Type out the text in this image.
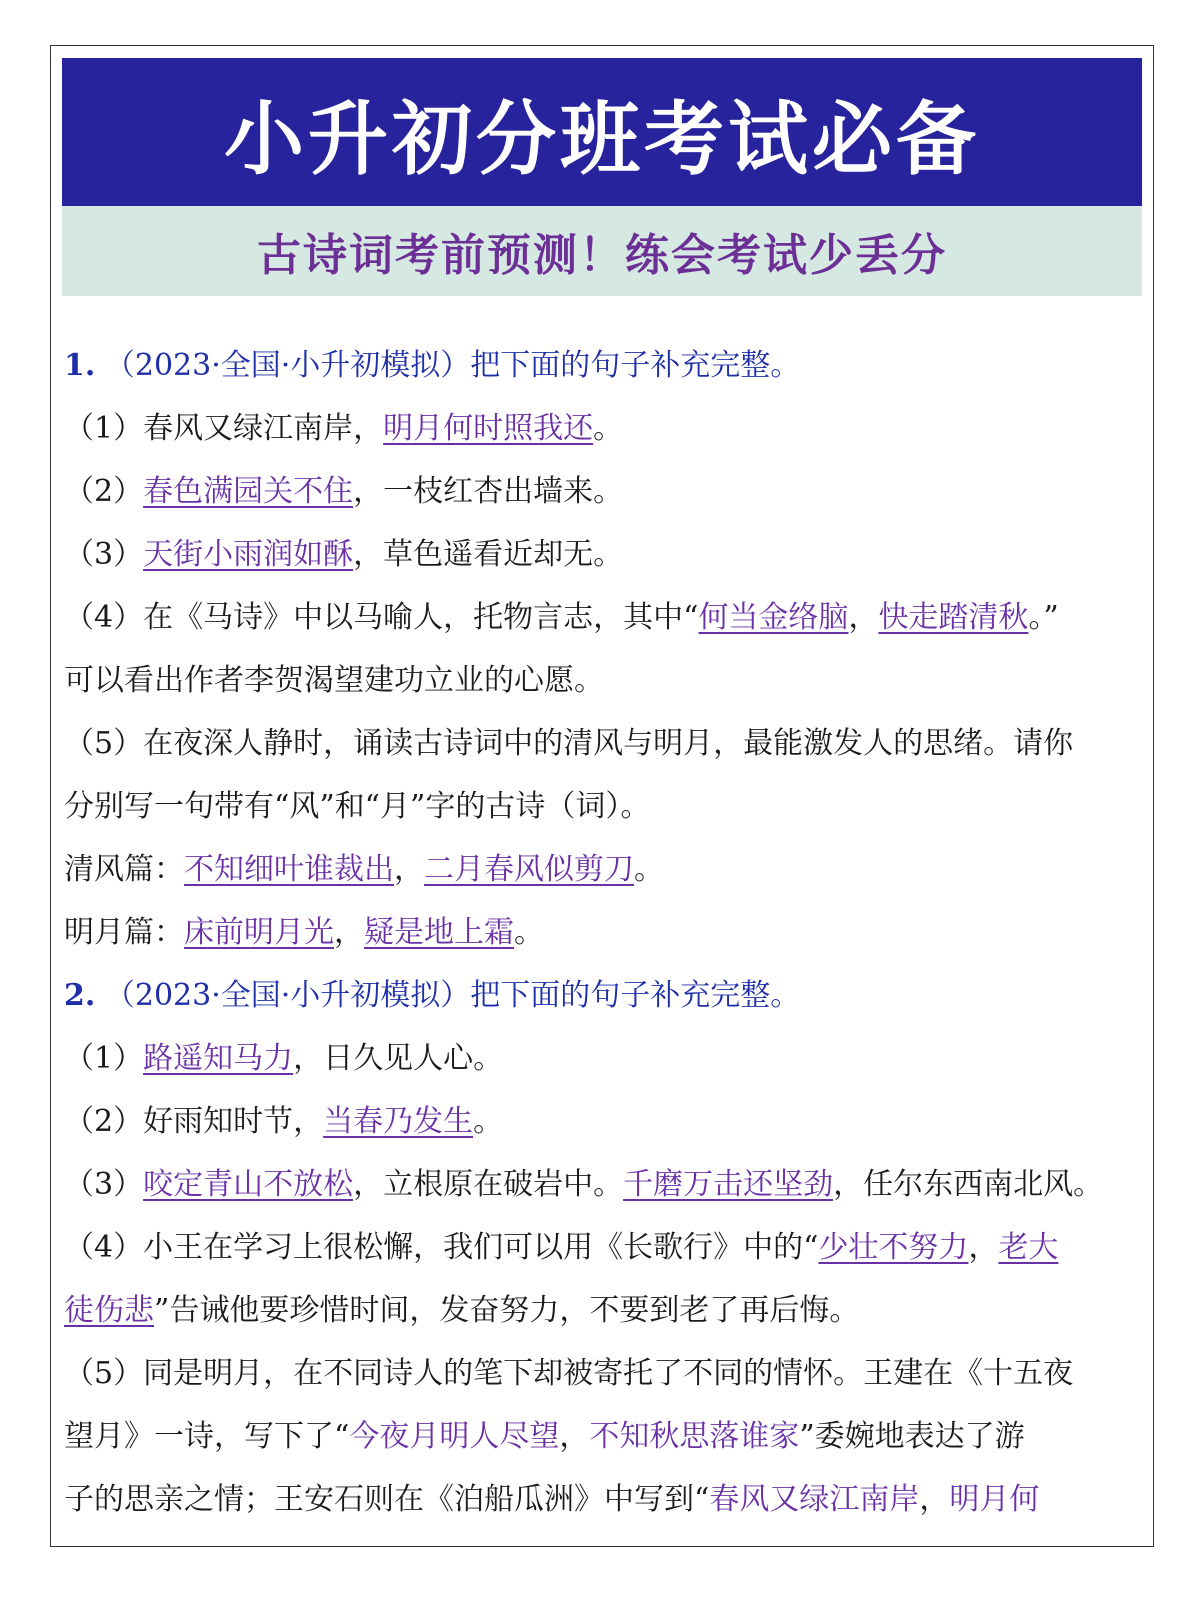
小升初分班考试必备
古诗词考前预测！练会考试少丢分
1. （2023·全国·小升初模拟）把下面的句子补充完整。
（1）春风又绿江南岸，明月何时照我还。
（2）春色满园关不住，一枝红杏出墙来。
（3）天街小雨润如酥，草色遥看近却无。
（4）在《马诗》中以马喻人，托物言志，其中“何当金络脑，快走踏清秋。”
可以看出作者李贺渴望建功立业的心愿。
（5）在夜深人静时，诵读古诗词中的清风与明月，最能激发人的思绪。请你
分别写一句带有“风”和“月”字的古诗（词）。
清风篇：不知细叶谁裁出，二月春风似剪刀。
明月篇：床前明月光，疑是地上霜。
2. （2023·全国·小升初模拟）把下面的句子补充完整。
（1）路遥知马力，日久见人心。
（2）好雨知时节，当春乃发生。
（3）咬定青山不放松，立根原在破岩中。千磨万击还坚劲，任尔东西南北风。
（4）小王在学习上很松懈，我们可以用《长歌行》中的“少壮不努力，老大
徒伤悲”告诫他要珍惜时间，发奋努力，不要到老了再后悔。
（5）同是明月，在不同诗人的笔下却被寄托了不同的情怀。王建在《十五夜
望月》一诗，写下了“今夜月明人尽望，不知秋思落谁家”委婉地表达了游
子的思亲之情；王安石则在《泊船瓜洲》中写到“春风又绿江南岸，明月何
